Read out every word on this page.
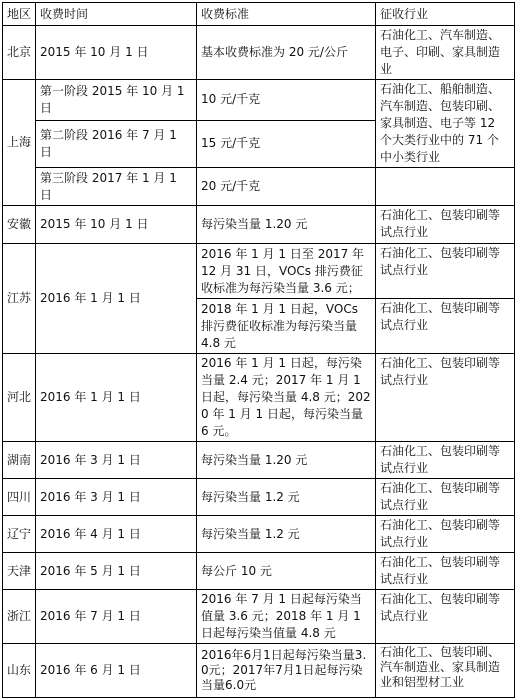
地区	收费时间	收费标准	征收行业
北京	2015 年 10 月 1 日	基本收费标准为 20 元/公斤	石油化工、汽车制造、电子、印刷、家具制造业
上海	第一阶段 2015 年 10 月 1 日	10 元/千克	石油化工、船舶制造、汽车制造、包装印刷、家具制造、电子等 12 个大类行业中的 71 个中小类行业
	第二阶段 2016 年 7 月 1 日	15 元/千克	
	第三阶段 2017 年 1 月 1 日	20 元/千克	
安徽	2015 年 10 月 1 日	每污染当量 1.20 元	石油化工、包装印刷等试点行业
江苏	2016 年 1 月 1 日	2016 年 1 月 1 日至 2017 年 12 月 31 日，VOCs 排污费征收标准为每污染当量 3.6 元；	石油化工、包装印刷等试点行业
		2018 年 1 月 1 日起，VOCs 排污费征收标准为每污染当量 4.8 元	石油化工、包装印刷等试点行业
河北	2016 年 1 月 1 日	2016 年 1 月 1 日起，每污染当量 2.4 元；2017 年 1 月 1 日起，每污染当量 4.8 元；2020 年 1 月 1 日起，每污染当量 6 元。	石油化工、包装印刷等试点行业
湖南	2016 年 3 月 1 日	每污染当量 1.20 元	石油化工、包装印刷等试点行业
四川	2016 年 3 月 1 日	每污染当量 1.2 元	石油化工、包装印刷等试点行业
辽宁	2016 年 4 月 1 日	每污染当量 1.2 元	石油化工、包装印刷等试点行业
天津	2016 年 5 月 1 日	每公斤 10 元	石油化工、包装印刷等试点行业
浙江	2016 年 7 月 1 日	2016 年 7 月 1 日起每污染当值量 3.6 元；2018 年 1 月 1 日起每污染当值量 4.8 元	石油化工、包装印刷等试点行业
山东	2016 年 6 月 1 日	2016年6月1日起每污染当量3.0元；2017年7月1日起每污染当量6.0元	石油化工、包装印刷、汽车制造业、家具制造业和铝型材工业
